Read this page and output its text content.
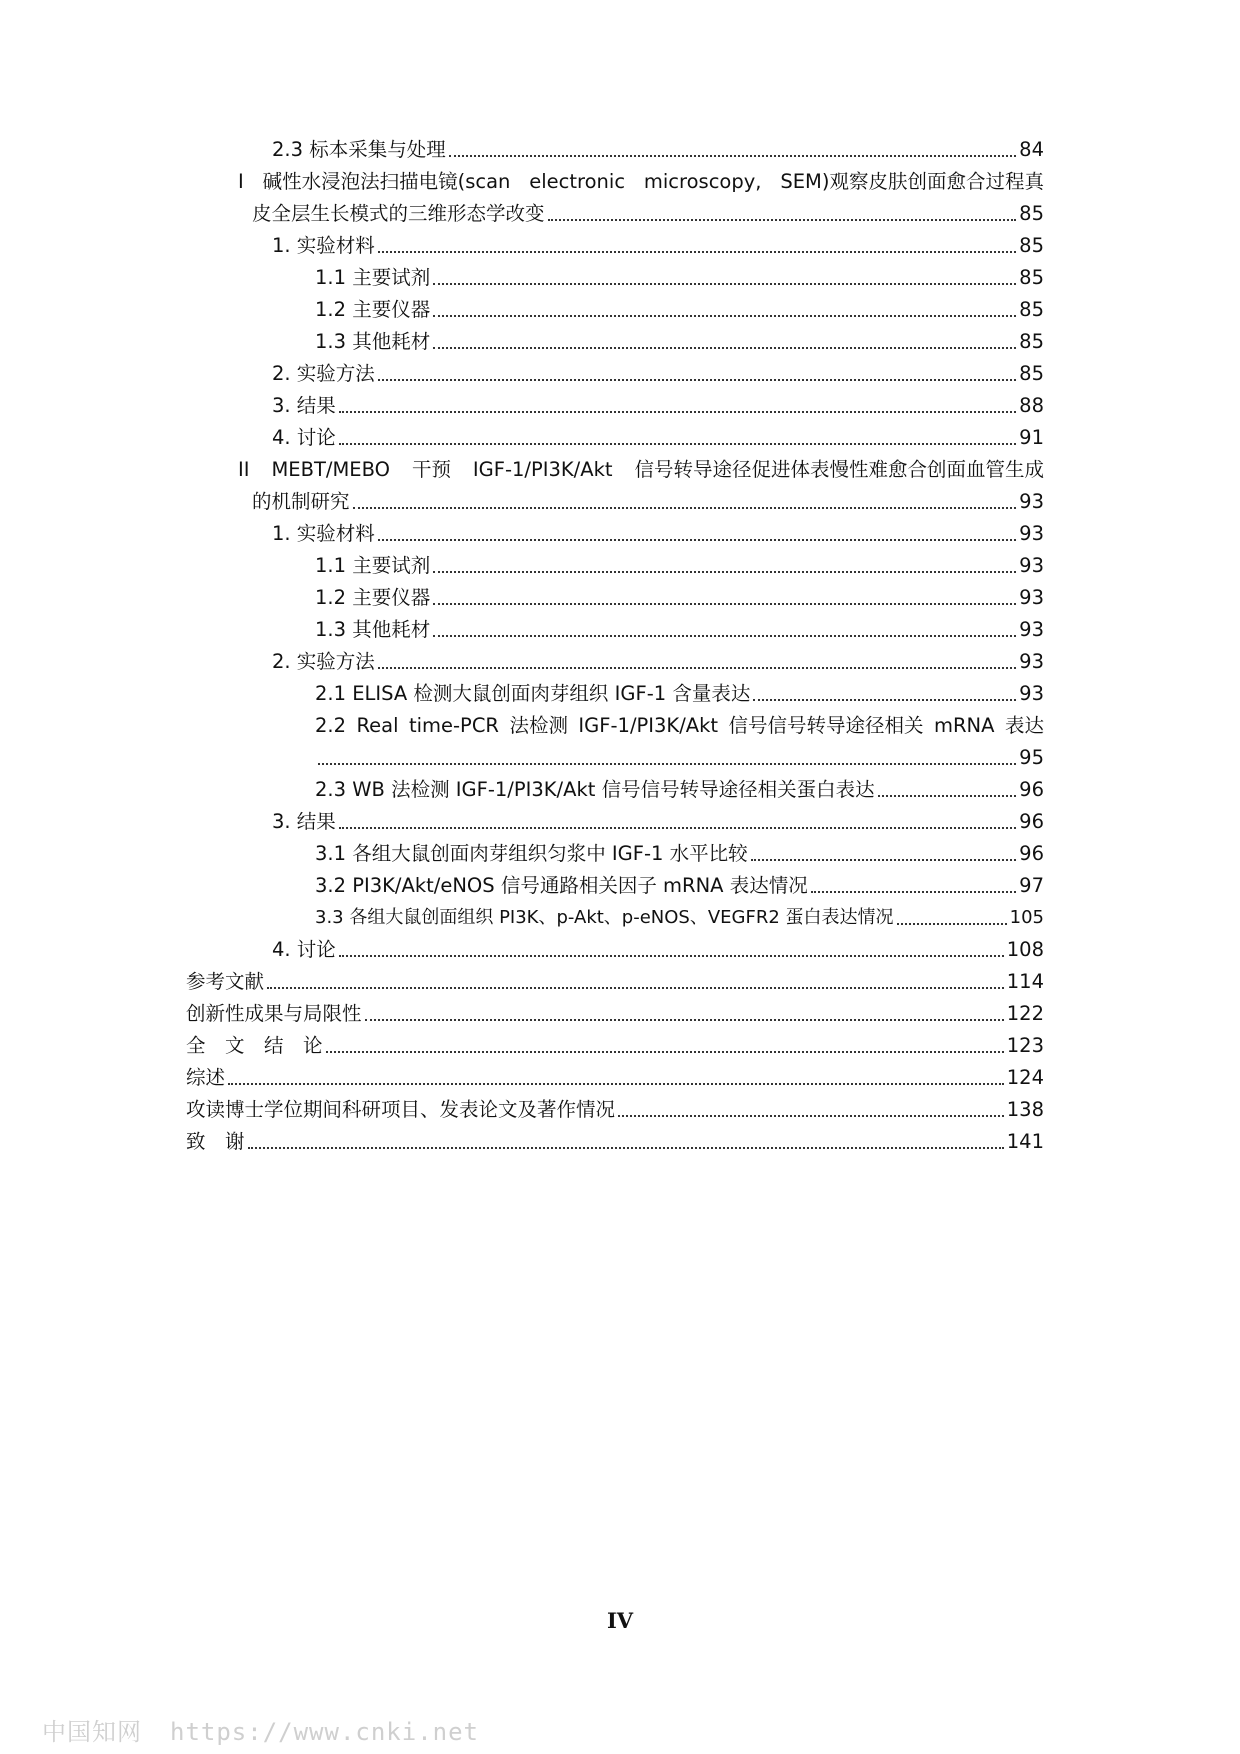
2.3 标本采集与处理	84
I 碱性水浸泡法扫描电镜(scan electronic microscopy, SEM)观察皮肤创面愈合过程真
皮全层生长模式的三维形态学改变	85
1. 实验材料	85
1.1 主要试剂	85
1.2 主要仪器	85
1.3 其他耗材	85
2. 实验方法	85
3. 结果	88
4. 讨论	91
II MEBT/MEBO 干预 IGF-1/PI3K/Akt 信号转导途径促进体表慢性难愈合创面血管生成
的机制研究	93
1. 实验材料	93
1.1 主要试剂	93
1.2 主要仪器	93
1.3 其他耗材	93
2. 实验方法	93
2.1 ELISA 检测大鼠创面肉芽组织 IGF-1 含量表达	93
2.2 Real time-PCR 法检测 IGF-1/PI3K/Akt 信号信号转导途径相关 mRNA 表达
95
2.3 WB 法检测 IGF-1/PI3K/Akt 信号信号转导途径相关蛋白表达	96
3. 结果	96
3.1 各组大鼠创面肉芽组织匀浆中 IGF-1 水平比较	96
3.2 PI3K/Akt/eNOS 信号通路相关因子 mRNA 表达情况	97
3.3 各组大鼠创面组织 PI3K、p-Akt、p-eNOS、VEGFR2 蛋白表达情况	105
4. 讨论	108
参考文献	114
创新性成果与局限性	122
全　文　结　论	123
综述	124
攻读博士学位期间科研项目、发表论文及著作情况	138
致　谢	141
IV
中国知网 https://www.cnki.net
